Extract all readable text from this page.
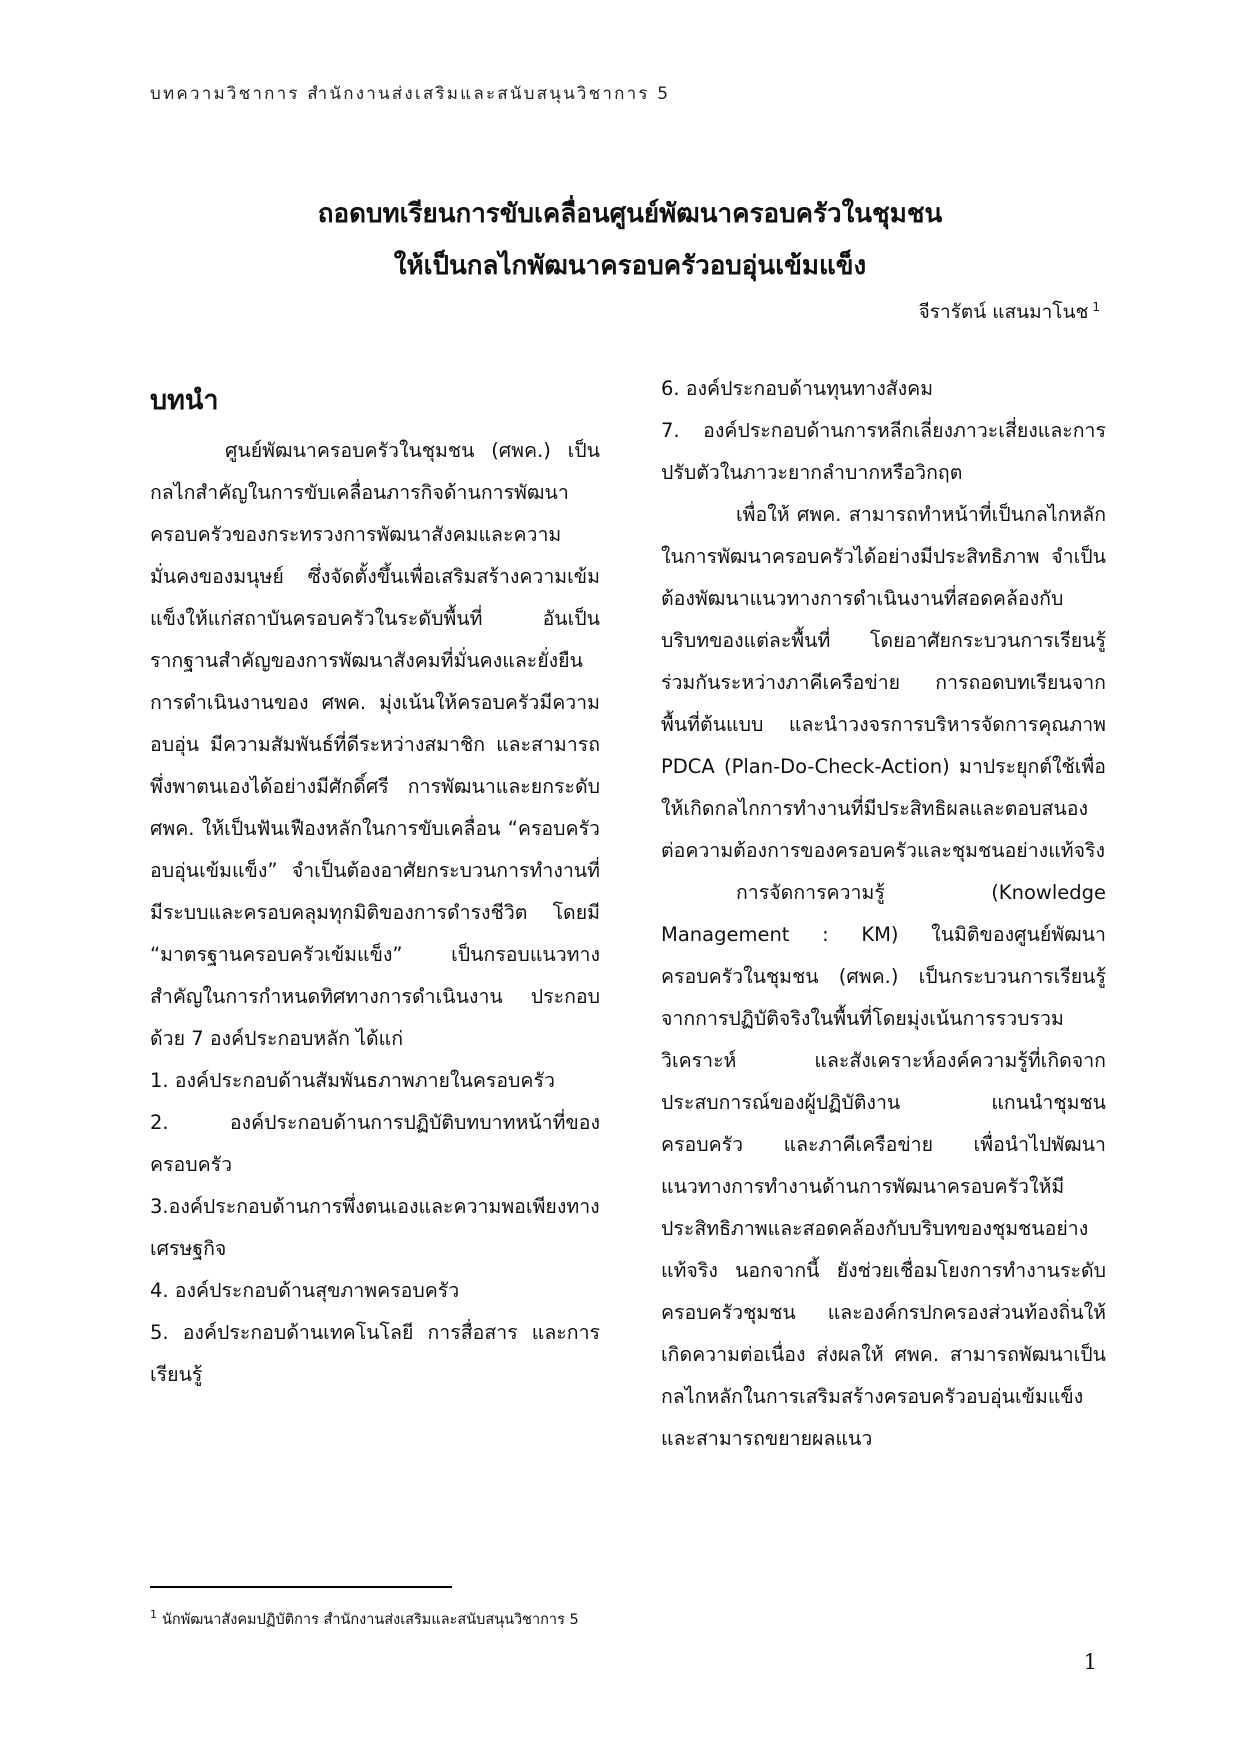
บทความวิชาการ สำนักงานส่งเสริมและสนับสนุนวิชาการ 5
ถอดบทเรียนการขับเคลื่อนศูนย์พัฒนาครอบครัวในชุมชน
ให้เป็นกลไกพัฒนาครอบครัวอบอุ่นเข้มแข็ง
จีรารัตน์ แสนมาโนช $^1$
บทนำ

ศูนย์พัฒนาครอบครัวในชุมชน (ศพค.) เป็นกลไกสำคัญในการขับเคลื่อนภารกิจด้านการพัฒนาครอบครัวของกระทรวงการพัฒนาสังคมและความมั่นคงของมนุษย์ ซึ่งจัดตั้งขึ้นเพื่อเสริมสร้างความเข้มแข็งให้แก่สถาบันครอบครัวในระดับพื้นที่ อันเป็นรากฐานสำคัญของการพัฒนาสังคมที่มั่นคงและยั่งยืนการดำเนินงานของ ศพค. มุ่งเน้นให้ครอบครัวมีความอบอุ่น มีความสัมพันธ์ที่ดีระหว่างสมาชิก และสามารถพึ่งพาตนเองได้อย่างมีศักดิ์ศรี การพัฒนาและยกระดับ ศพค. ให้เป็นฟันเฟืองหลักในการขับเคลื่อน “ครอบครัวอบอุ่นเข้มแข็ง” จำเป็นต้องอาศัยกระบวนการทำงานที่มีระบบและครอบคลุมทุกมิติของการดำรงชีวิต โดยมี “มาตรฐานครอบครัวเข้มแข็ง” เป็นกรอบแนวทางสำคัญในการกำหนดทิศทางการดำเนินงาน ประกอบด้วย 7 องค์ประกอบหลัก ได้แก่

1. องค์ประกอบด้านสัมพันธภาพภายในครอบครัว

2. องค์ประกอบด้านการปฏิบัติบทบาทหน้าที่ของครอบครัว

3.องค์ประกอบด้านการพึ่งตนเองและความพอเพียงทางเศรษฐกิจ

4. องค์ประกอบด้านสุขภาพครอบครัว

5. องค์ประกอบด้านเทคโนโลยี การสื่อสาร และการเรียนรู้

6. องค์ประกอบด้านทุนทางสังคม

7. องค์ประกอบด้านการหลีกเลี่ยงภาวะเสี่ยงและการปรับตัวในภาวะยากลำบากหรือวิกฤต

เพื่อให้ ศพค. สามารถทำหน้าที่เป็นกลไกหลักในการพัฒนาครอบครัวได้อย่างมีประสิทธิภาพ จำเป็นต้องพัฒนาแนวทางการดำเนินงานที่สอดคล้องกับบริบทของแต่ละพื้นที่ โดยอาศัยกระบวนการเรียนรู้ร่วมกันระหว่างภาคีเครือข่าย การถอดบทเรียนจากพื้นที่ต้นแบบ และนำวงจรการบริหารจัดการคุณภาพ PDCA (Plan-Do-Check-Action) มาประยุกต์ใช้เพื่อให้เกิดกลไกการทำงานที่มีประสิทธิผลและตอบสนองต่อความต้องการของครอบครัวและชุมชนอย่างแท้จริง

การจัดการความรู้ (Knowledge Management : KM) ในมิติของศูนย์พัฒนาครอบครัวในชุมชน (ศพค.) เป็นกระบวนการเรียนรู้จากการปฏิบัติจริงในพื้นที่โดยมุ่งเน้นการรวบรวม วิเคราะห์ และสังเคราะห์องค์ความรู้ที่เกิดจากประสบการณ์ของผู้ปฏิบัติงาน แกนนำชุมชน ครอบครัว และภาคีเครือข่าย เพื่อนำไปพัฒนาแนวทางการทำงานด้านการพัฒนาครอบครัวให้มีประสิทธิภาพและสอดคล้องกับบริบทของชุมชนอย่างแท้จริง นอกจากนี้ ยังช่วยเชื่อมโยงการทำงานระดับครอบครัวชุมชน และองค์กรปกครองส่วนท้องถิ่นให้เกิดความต่อเนื่อง ส่งผลให้ ศพค. สามารถพัฒนาเป็นกลไกหลักในการเสริมสร้างครอบครัวอบอุ่นเข้มแข็ง และสามารถขยายผลแนว

$^1$ นักพัฒนาสังคมปฏิบัติการ สำนักงานส่งเสริมและสนับสนุนวิชาการ 5
1
